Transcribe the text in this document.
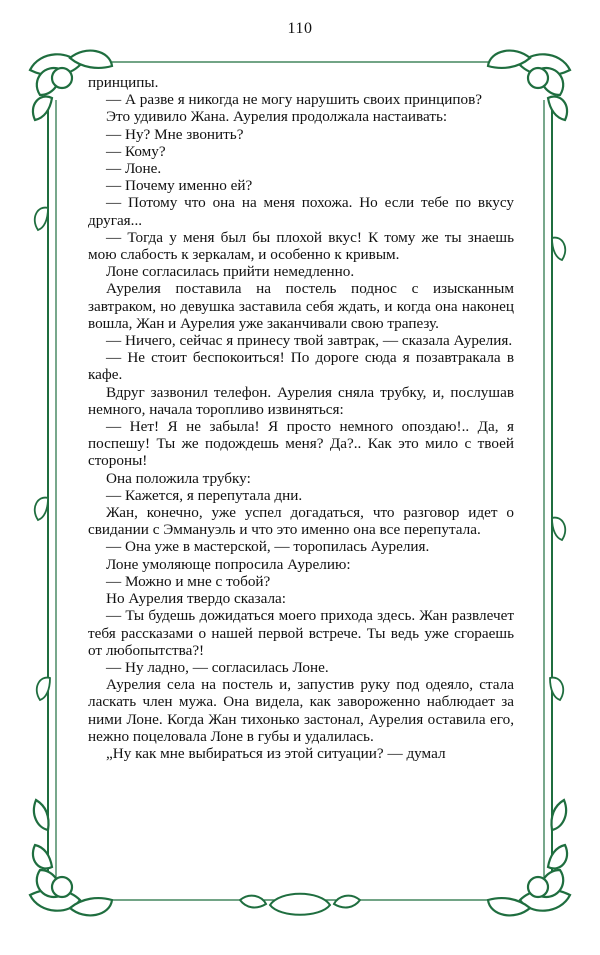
110

принципы.

— А разве я никогда не могу нарушить своих принципов?

Это удивило Жана. Аурелия продолжала настаивать:

— Ну? Мне звонить?

— Кому?

— Лоне.

— Почему именно ей?

— Потому что она на меня похожа. Но если тебе по вкусу другая...

— Тогда у меня был бы плохой вкус! К тому же ты знаешь мою слабость к зеркалам, и особенно к кривым.

Лоне согласилась прийти немедленно.

Аурелия поставила на постель поднос с изысканным завтраком, но девушка заставила себя ждать, и когда она наконец вошла, Жан и Аурелия уже заканчивали свою трапезу.

— Ничего, сейчас я принесу твой завтрак, — сказала Аурелия.

— Не стоит беспокоиться! По дороге сюда я позавтракала в кафе.

Вдруг зазвонил телефон. Аурелия сняла трубку, и, послушав немного, начала торопливо извиняться:

— Нет! Я не забыла! Я просто немного опоздаю!.. Да, я поспешу! Ты же подождешь меня? Да?.. Как это мило с твоей стороны!

Она положила трубку:

— Кажется, я перепутала дни.

Жан, конечно, уже успел догадаться, что разговор идет о свидании с Эммануэль и что это именно она все перепутала.

— Она уже в мастерской, — торопилась Аурелия.

Лоне умоляюще попросила Аурелию:

— Можно и мне с тобой?

Но Аурелия твердо сказала:

— Ты будешь дожидаться моего прихода здесь. Жан развлечет тебя рассказами о нашей первой встрече. Ты ведь уже сгораешь от любопытства?!

— Ну ладно, — согласилась Лоне.

Аурелия села на постель и, запустив руку под одеяло, стала ласкать член мужа. Она видела, как завороженно наблюдает за ними Лоне. Когда Жан тихонько застонал, Аурелия оставила его, нежно поцеловала Лоне в губы и удалилась.

„Ну как мне выбираться из этой ситуации? — думал
